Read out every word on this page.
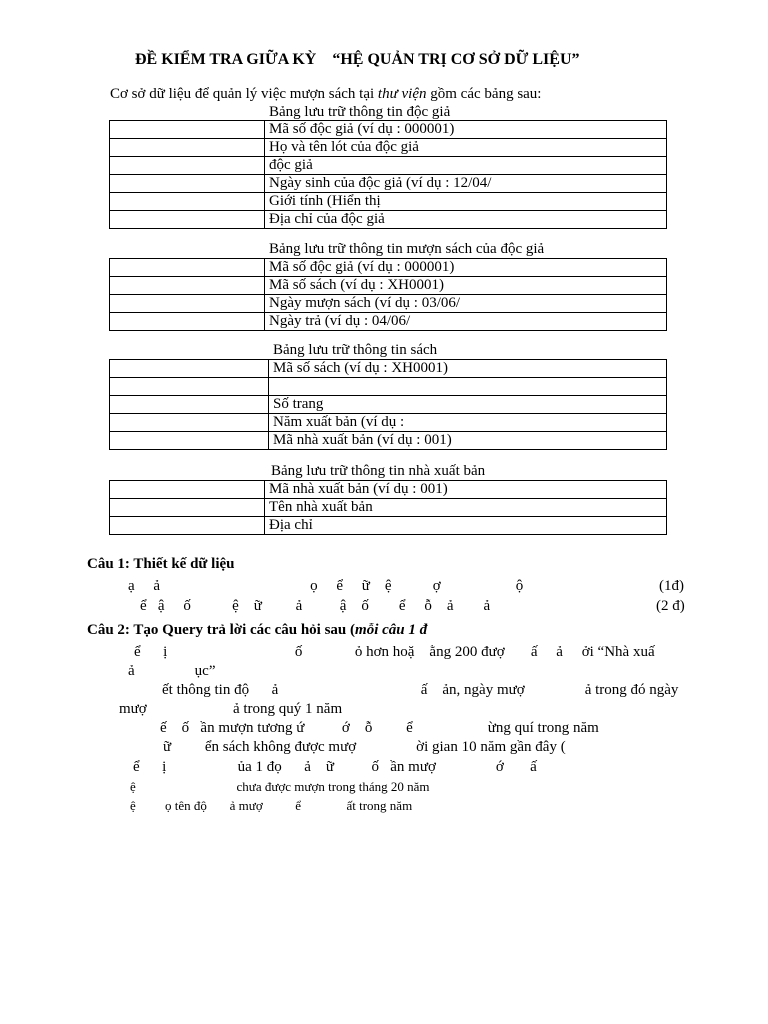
ĐỀ KIỂM TRA GIỮA KỲ    “HỆ QUẢN TRỊ CƠ SỞ DỮ LIỆU”
Cơ sở dữ liệu để quản lý việc mượn sách tại thư viện gồm các bảng sau:
Bảng lưu trữ thông tin độc giả
	Mã số độc giả (ví dụ : 000001)
	Họ và tên lót của độc giả
	độc giả
	Ngày sinh của độc giả (ví dụ : 12/04/
	Giới tính (Hiển thị
	Địa chỉ của độc giả
Bảng lưu trữ thông tin mượn sách của độc giả
	Mã số độc giả (ví dụ : 000001)
	Mã số sách (ví dụ : XH0001)
	Ngày mượn sách (ví dụ : 03/06/
	Ngày trả (ví dụ : 04/06/
Bảng lưu trữ thông tin sách
	Mã số sách (ví dụ : XH0001)

	Số trang
	Năm xuất bản (ví dụ :
	Mã nhà xuất bản (ví dụ : 001)
Bảng lưu trữ thông tin nhà xuất bản
	Mã nhà xuất bản (ví dụ : 001)
	Tên nhà xuất bản
	Địa chỉ
Câu 1: Thiết kế dữ liệu
ạ     ả                                        ọ     ể     ữ    ệ           ợ                    ộ	(1đ)
ể   ậ     ố           ệ    ữ         ả          ậ    ố        ể     ỗ    ả        ả	(2 đ)
Câu 2: Tạo Query trả lời các câu hỏi sau (mỗi câu 1 đ
ể      ị                                  ố              ỏ hơn hoặ    ằng 200 đượ       ấ     ả     ởi “Nhà xuấ
ả                ục”
ết thông tin độ      ả                                      ấ    ản, ngày mượ                ả trong đó ngày
mượ                       ả trong quý 1 năm
ế    ố   ần mượn tương ứ          ớ    ỗ         ể                    ừng quí trong năm
ữ         ển sách không được mượ                ời gian 10 năm gần đây (
ể      ị                   ủa 1 đọ      ả    ữ          ố   ần mượ                ớ       ấ
ệ                               chưa được mượn trong tháng 20 năm
ệ         ọ tên độ       ả mượ          ể              ất trong năm
